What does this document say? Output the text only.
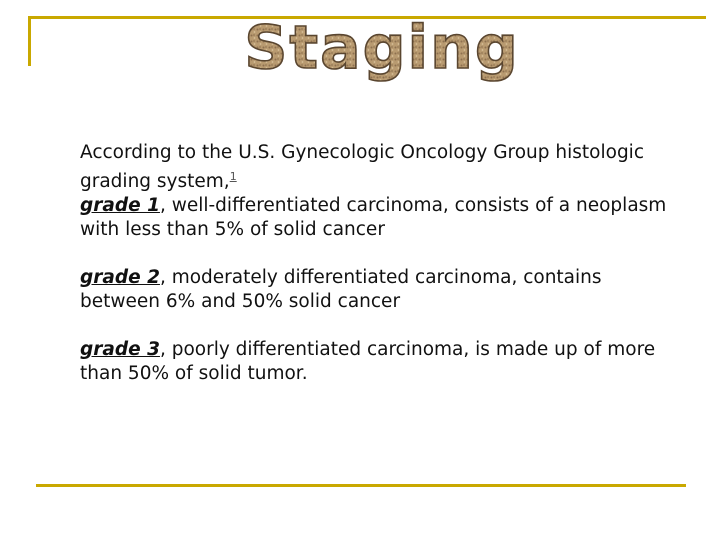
Staging

According to the U.S. Gynecologic Oncology Group histologic grading system,$^1$
grade 1, well-differentiated carcinoma, consists of a neoplasm with less than 5% of solid cancer

grade 2, moderately differentiated carcinoma, contains between 6% and 50% solid cancer

grade 3, poorly differentiated carcinoma, is made up of more than 50% of solid tumor.
